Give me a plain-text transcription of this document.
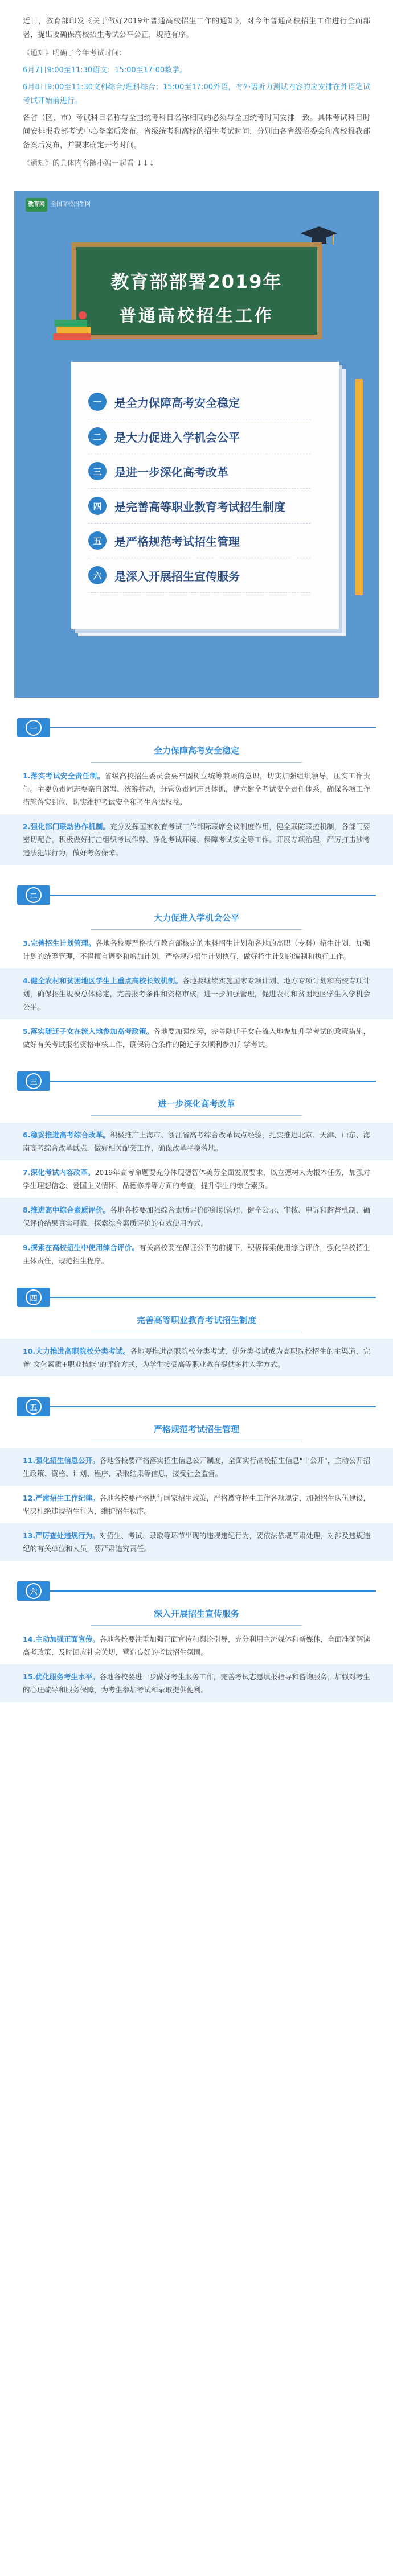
近日，教育部印发《关于做好2019年普通高校招生工作的通知》，对今年普通高校招生工作进行全面部署，提出要确保高校招生考试公平公正，规范有序。

《通知》明确了今年考试时间：

6月7日9:00至11:30语文；15:00至17:00数学。

6月8日9:00至11:30文科综合/理科综合；15:00至17:00外语，有外语听力测试内容的应安排在外语笔试考试开始前进行。

各省（区、市）考试科目名称与全国统考科目名称相同的必须与全国统考时间安排一致。具体考试科目时间安排报我部考试中心备案后发布。省级统考和高校的招生考试时间，分别由各省级招委会和高校报我部备案后发布，并要求确定开考时间。

《通知》的具体内容随小编一起看 ↓↓↓

教育网	全国高校招生网
教育部部署2019年
普通高校招生工作
一	是全力保障高考安全稳定
二	是大力促进入学机会公平
三	是进一步深化高考改革
四	是完善高等职业教育考试招生制度
五	是严格规范考试招生管理
六	是深入开展招生宣传服务
一
全力保障高考安全稳定

1.落实考试安全责任制。省级高校招生委员会要牢固树立统筹兼顾的意识，切实加强组织领导，压实工作责任。主要负责同志要亲自部署、统筹推动，分管负责同志具体抓，建立健全考试安全责任体系，确保各项工作措施落实到位，切实维护考试安全和考生合法权益。

2.强化部门联动协作机制。充分发挥国家教育考试工作部际联席会议制度作用，健全联防联控机制，各部门要密切配合，积极做好打击组织考试作弊、净化考试环境、保障考试安全等工作。开展专项治理，严厉打击涉考违法犯罪行为，做好考务保障。

二
大力促进入学机会公平

3.完善招生计划管理。各地各校要严格执行教育部核定的本科招生计划和各地的高职（专科）招生计划，加强计划的统筹管理，不得擅自调整和增加计划，严格规范招生计划执行，做好招生计划的编制和执行工作。

4.健全农村和贫困地区学生上重点高校长效机制。各地要继续实施国家专项计划、地方专项计划和高校专项计划，确保招生规模总体稳定，完善报考条件和资格审核，进一步加强管理，促进农村和贫困地区学生入学机会公平。

5.落实随迁子女在流入地参加高考政策。各地要加强统筹，完善随迁子女在流入地参加升学考试的政策措施，做好有关考试报名资格审核工作，确保符合条件的随迁子女顺利参加升学考试。

三
进一步深化高考改革

6.稳妥推进高考综合改革。积极推广上海市、浙江省高考综合改革试点经验，扎实推进北京、天津、山东、海南高考综合改革试点，做好相关配套工作，确保改革平稳落地。

7.深化考试内容改革。2019年高考命题要充分体现德智体美劳全面发展要求，以立德树人为根本任务，加强对学生理想信念、爱国主义情怀、品德修养等方面的考查，提升学生的综合素质。

8.推进高中综合素质评价。各地各校要加强综合素质评价的组织管理，健全公示、审核、申诉和监督机制，确保评价结果真实可靠，探索综合素质评价的有效使用方式。

9.探索在高校招生中使用综合评价。有关高校要在保证公平的前提下，积极探索使用综合评价，强化学校招生主体责任，规范招生程序。

四
完善高等职业教育考试招生制度

10.大力推进高职院校分类考试。各地要推进高职院校分类考试，使分类考试成为高职院校招生的主渠道，完善"文化素质+职业技能"的评价方式，为学生接受高等职业教育提供多种入学方式。

五
严格规范考试招生管理

11.强化招生信息公开。各地各校要严格落实招生信息公开制度，全面实行高校招生信息"十公开"，主动公开招生政策、资格、计划、程序、录取结果等信息，接受社会监督。

12.严肃招生工作纪律。各地各校要严格执行国家招生政策，严格遵守招生工作各项规定，加强招生队伍建设，坚决杜绝违规招生行为，维护招生秩序。

13.严厉查处违规行为。对招生、考试、录取等环节出现的违规违纪行为，要依法依规严肃处理，对涉及违规违纪的有关单位和人员，要严肃追究责任。

六
深入开展招生宣传服务

14.主动加强正面宣传。各地各校要注重加强正面宣传和舆论引导，充分利用主流媒体和新媒体，全面准确解读高考政策，及时回应社会关切，营造良好的考试招生氛围。

15.优化服务考生水平。各地各校要进一步做好考生服务工作，完善考试志愿填报指导和咨询服务，加强对考生的心理疏导和服务保障，为考生参加考试和录取提供便利。
